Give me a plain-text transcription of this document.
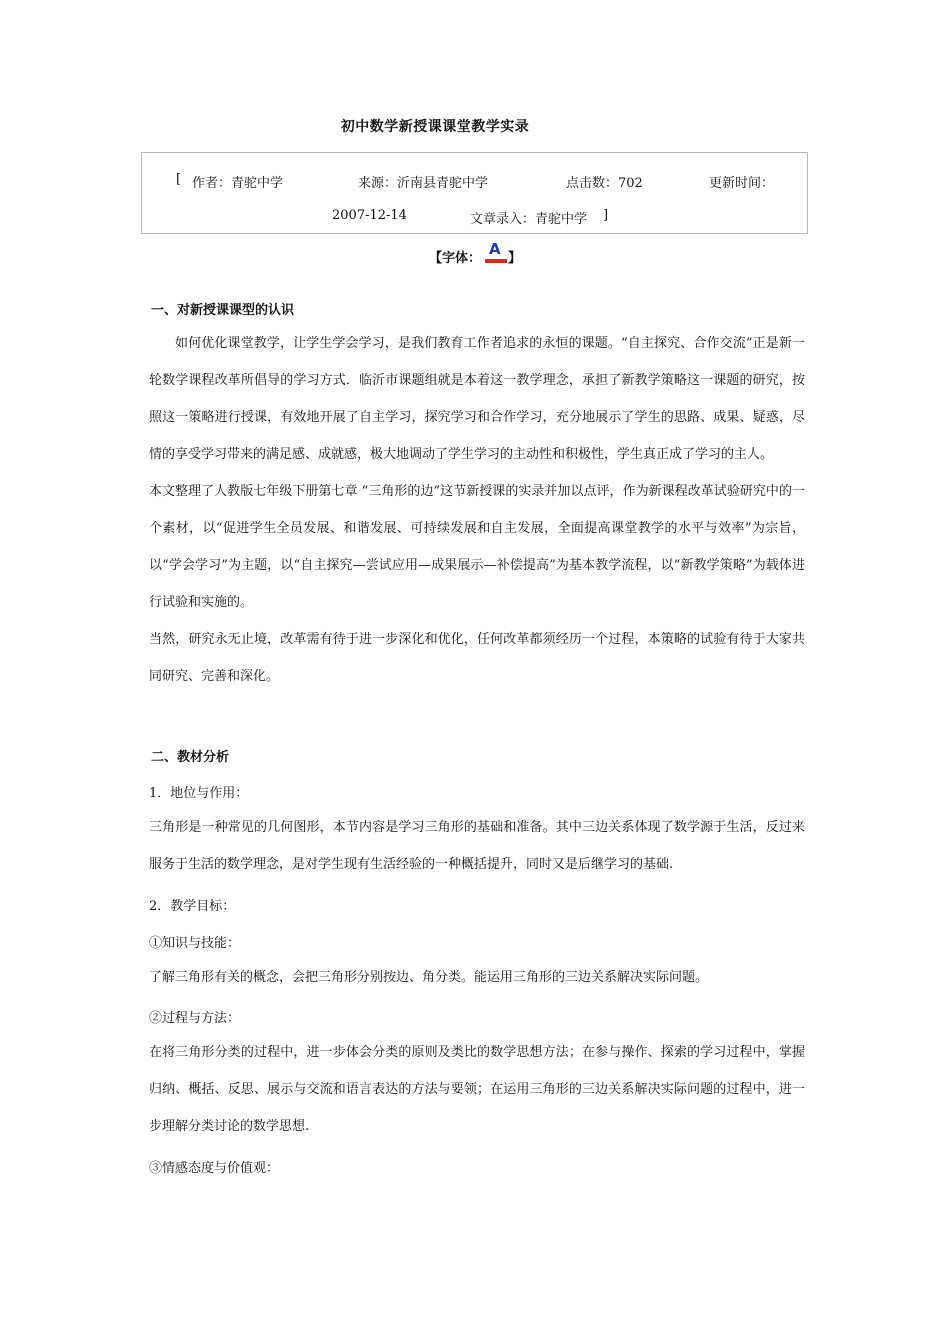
初中数学新授课课堂教学实录
[ 作者：青驼中学	来源：沂南县青驼中学	点击数：702	更新时间：
2007-12-14	文章录入：青驼中学 ]
【字体：
A
】
一、对新授课课型的认识

如何优化课堂教学，让学生学会学习，是我们教育工作者追求的永恒的课题。“自主探究、合作交流”正是新一轮数学课程改革所倡导的学习方式．临沂市课题组就是本着这一教学理念，承担了新教学策略这一课题的研究，按照这一策略进行授课，有效地开展了自主学习，探究学习和合作学习，充分地展示了学生的思路、成果、疑惑，尽情的享受学习带来的满足感、成就感，极大地调动了学生学习的主动性和积极性，学生真正成了学习的主人。

本文整理了人教版七年级下册第七章 “三角形的边”这节新授课的实录并加以点评，作为新课程改革试验研究中的一个素材，以“促进学生全员发展、和谐发展、可持续发展和自主发展，全面提高课堂教学的水平与效率”为宗旨，以“学会学习”为主题，以“自主探究—尝试应用—成果展示—补偿提高”为基本教学流程，以“新教学策略”为载体进行试验和实施的。

当然，研究永无止境，改革需有待于进一步深化和优化，任何改革都须经历一个过程，本策略的试验有待于大家共同研究、完善和深化。

二、教材分析
1．地位与作用：

三角形是一种常见的几何图形，本节内容是学习三角形的基础和准备。其中三边关系体现了数学源于生活，反过来服务于生活的数学理念，是对学生现有生活经验的一种概括提升，同时又是后继学习的基础.

2．教学目标：
①知识与技能：

了解三角形有关的概念，会把三角形分别按边、角分类。能运用三角形的三边关系解决实际问题。

②过程与方法：

在将三角形分类的过程中，进一步体会分类的原则及类比的数学思想方法；在参与操作、探索的学习过程中，掌握归纳、概括、反思、展示与交流和语言表达的方法与要领；在运用三角形的三边关系解决实际问题的过程中，进一步理解分类讨论的数学思想.

③情感态度与价值观：
